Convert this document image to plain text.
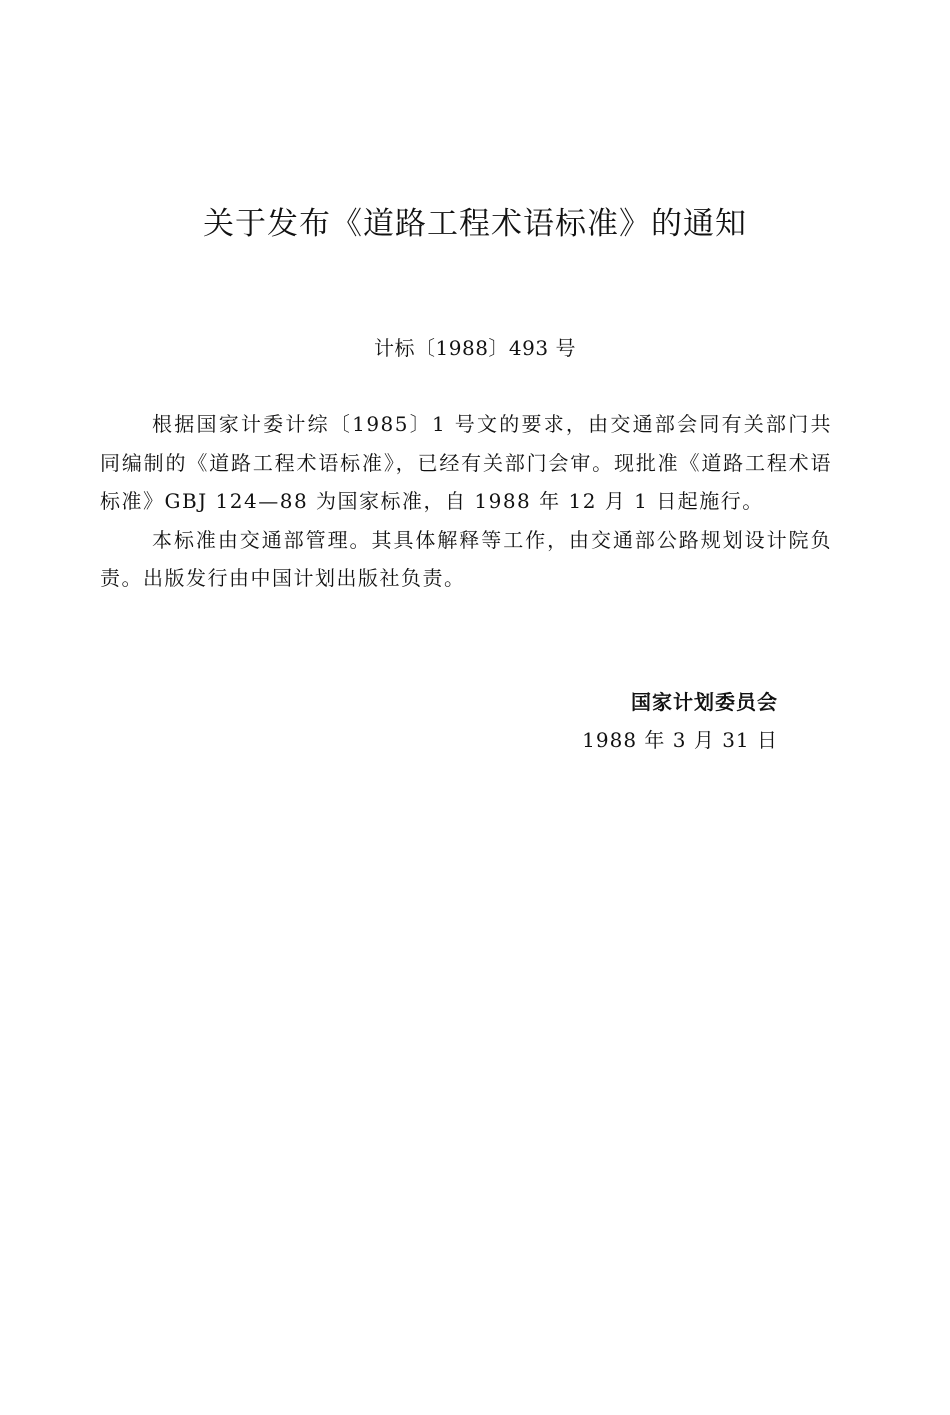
关于发布《道路工程术语标准》的通知
计标〔1988〕493 号

根据国家计委计综〔1985〕1 号文的要求，由交通部会同有关部门共同编制的《道路工程术语标准》，已经有关部门会审。现批准《道路工程术语标准》GBJ 124—88 为国家标准，自 1988 年 12 月 1 日起施行。

本标准由交通部管理。其具体解释等工作，由交通部公路规划设计院负责。出版发行由中国计划出版社负责。

国家计划委员会
1988 年 3 月 31 日
